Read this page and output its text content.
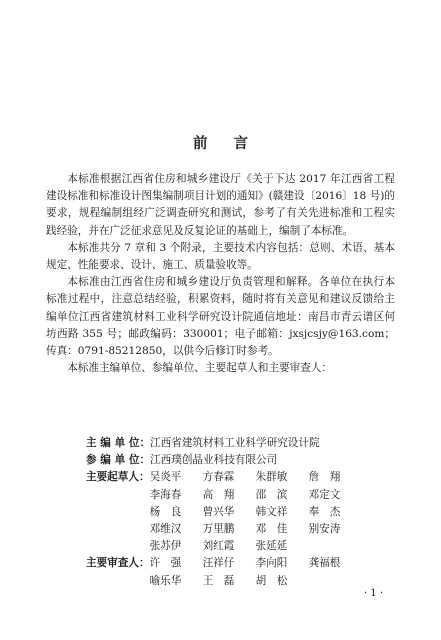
前言

本标准根据江西省住房和城乡建设厅《关于下达 2017 年江西省工程建设标准和标准设计图集编制项目计划的通知》(赣建设〔2016〕18 号)的要求，规程编制组经广泛调查研究和测试，参考了有关先进标准和工程实践经验，并在广泛征求意见及反复论证的基础上，编制了本标准。

本标准共分 7 章和 3 个附录，主要技术内容包括：总则、术语、基本规定、性能要求、设计、施工、质量验收等。

本标准由江西省住房和城乡建设厅负责管理和解释。各单位在执行本标准过程中，注意总结经验，积累资料，随时将有关意见和建议反馈给主编单位江西省建筑材料工业科学研究设计院通信地址：南昌市青云谱区何坊西路 355 号；邮政编码：330001；电子邮箱：jxsjcsjy@163.com；传真：0791-85212850，以供今后修订时参考。

本标准主编单位、参编单位、主要起草人和主要审查人：

主 编 单 位： 江西省建筑材料工业科学研究设计院
参 编 单 位： 江西璞创晶业科技有限公司
主要起草人： 吴炎平	方春霖	朱群敏	詹　翔
李海春	高　翔	邵　滨	邓定文
杨　良	曾兴华	韩文祥	奉　杰
邓维汉	万里鹏	邓　佳	别安涛
张苏伊	刘红霞	张延延
主要审查人： 许　强	汪祥仔	李向阳	龚福根
喻乐华	王　磊	胡　松
· 1 ·
